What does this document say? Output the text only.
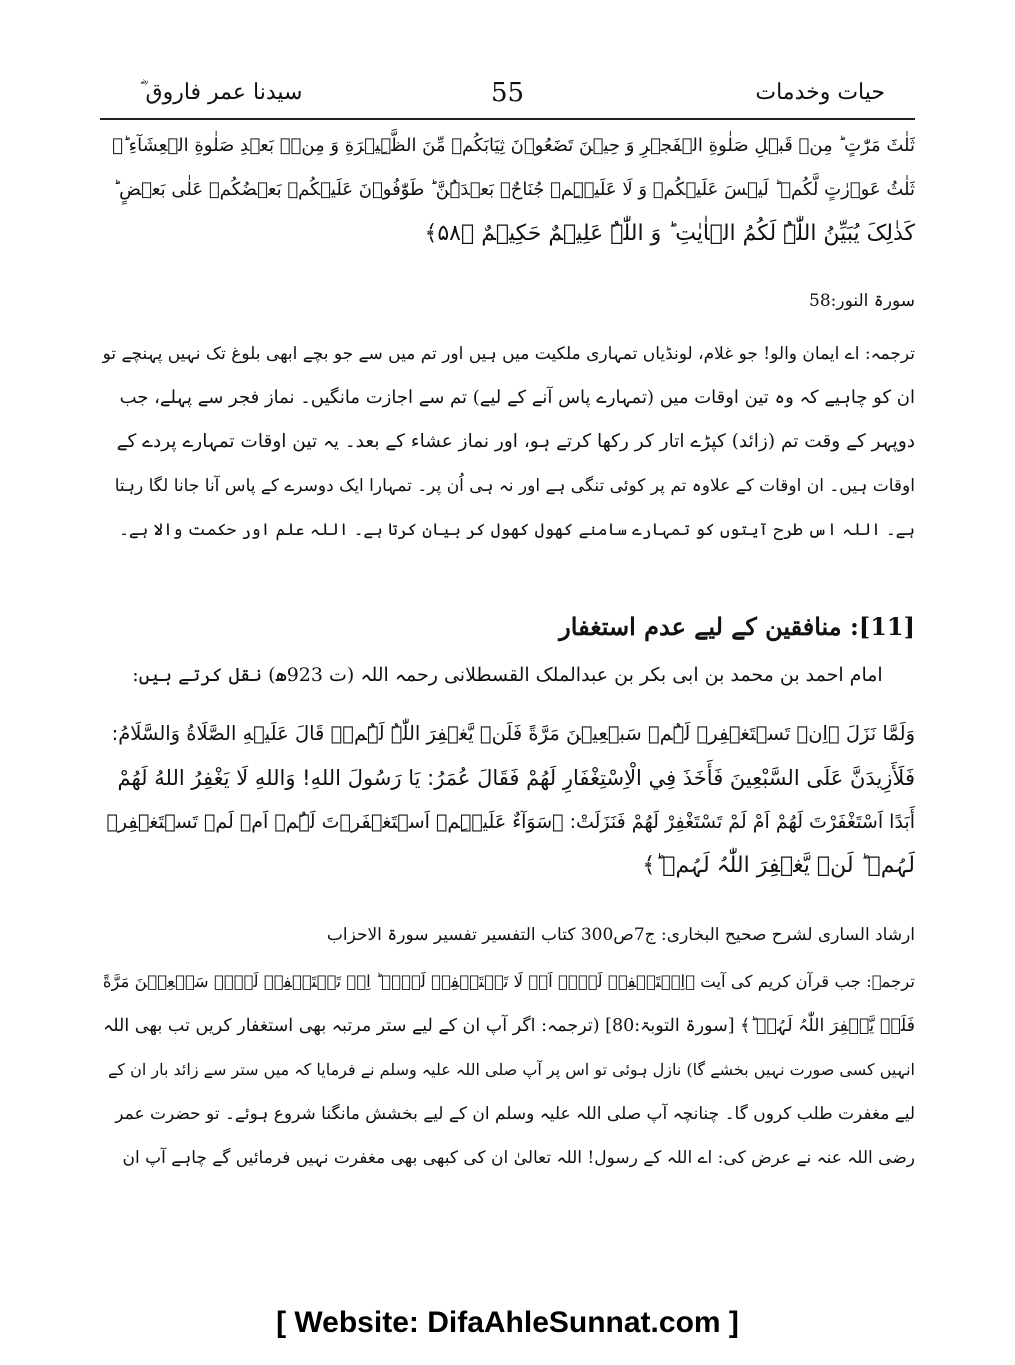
حیات وخدمات
55
سیدنا عمر فاروق ؓ
ثَلٰثَ مَرّٰتٍ ؕ مِنۡ قَبۡلِ صَلٰوةِ الۡفَجۡرِ وَ حِیۡنَ تَضَعُوۡنَ ثِیَابَکُمۡ مِّنَ الظَّہِیۡرَةِ وَ مِنۡۢ بَعۡدِ صَلٰوةِ الۡعِشَآءِ ؕ۟
ثَلٰثُ عَوۡرٰتٍ لَّکُمۡ ؕ لَیۡسَ عَلَیۡکُمۡ وَ لَا عَلَیۡہِمۡ جُنَاحٌۢ بَعۡدَہُنَّ ؕ طَوّٰفُوۡنَ عَلَیۡکُمۡ بَعۡضُکُمۡ عَلٰی بَعۡضٍ ؕ
کَذٰلِکَ یُبَیِّنُ اللّٰہُ لَکُمُ الۡاٰیٰتِ ؕ وَ اللّٰہُ عَلِیۡمٌ حَکِیۡمٌ ﴿۵۸﴾
سورۃ النور:58
ترجمہ: اے ایمان والو! جو غلام، لونڈیاں تمہاری ملکیت میں ہیں اور تم میں سے جو بچے ابھی بلوغ تک نہیں پہنچے تو
ان کو چاہیے کہ وہ تین اوقات میں (تمہارے پاس آنے کے لیے) تم سے اجازت مانگیں۔ نماز فجر سے پہلے، جب
دوپہر کے وقت تم (زائد) کپڑے اتار کر رکھا کرتے ہو، اور نماز عشاء کے بعد۔ یہ تین اوقات تمہارے پردے کے
اوقات ہیں۔ ان اوقات کے علاوہ تم پر کوئی تنگی ہے اور نہ ہی اُن پر۔ تمہارا ایک دوسرے کے پاس آنا جانا لگا رہتا
ہے۔ اللہ اس طرح آیتوں کو تمہارے سامنے کھول کھول کر بیان کرتا ہے۔ اللہ علم اور حکمت والا ہے۔
[11]: منافقین کے لیے عدم استغفار
امام احمد بن محمد بن ابی بکر بن عبدالملک القسطلانی رحمہ اللہ (ت 923ھ) نقل کرتے ہیں:
وَلَمَّا نَزَلَ ﴿اِنۡ تَسۡتَغۡفِرۡ لَہُمۡ سَبۡعِیۡنَ مَرَّةً فَلَنۡ یَّغۡفِرَ اللّٰہُ لَہُمۡ﴾ قَالَ عَلَیۡهِ الصَّلَاةُ وَالسَّلَامُ:
فَلَأَزِيدَنَّ عَلَى السَّبْعِينَ فَأَخَذَ فِي الْاِسْتِغْفَارِ لَهُمْ فَقَالَ عُمَرُ: يَا رَسُولَ اللهِ! وَاللهِ لَا يَغْفِرُ اللهُ لَهُمْ
أَبَدًا اَسْتَغْفَرْتَ لَهُمْ اَمْ لَمْ تَسْتَغْفِرْ لَهُمْ فَنَزَلَتْ: ﴿سَوَآءٌ عَلَیۡہِمۡ اَسۡتَغۡفَرۡتَ لَہُمۡ اَمۡ لَمۡ تَسۡتَغۡفِرۡ
لَہُمۡ ؕ لَنۡ یَّغۡفِرَ اللّٰہُ لَہُمۡ ؕ﴾
ارشاد الساری لشرح صحیح البخاری: ج7ص300 کتاب التفسیر تفسیر سورۃ الاحزاب
ترجمہ: جب قرآن کریم کی آیت ﴿اِسۡتَغۡفِرۡ لَہُمۡ اَوۡ لَا تَسۡتَغۡفِرۡ لَہُمۡ ؕ اِنۡ تَسۡتَغۡفِرۡ لَہُمۡ سَبۡعِیۡنَ مَرَّةً
فَلَنۡ یَّغۡفِرَ اللّٰہُ لَہُمۡ ؕ﴾ [سورۃ التوبۃ:80] (ترجمہ: اگر آپ ان کے لیے ستر مرتبہ بھی استغفار کریں تب بھی اللہ
انہیں کسی صورت نہیں بخشے گا) نازل ہوئی تو اس پر آپ صلی اللہ علیہ وسلم نے فرمایا کہ میں ستر سے زائد بار ان کے
لیے مغفرت طلب کروں گا۔ چنانچہ آپ صلی اللہ علیہ وسلم ان کے لیے بخشش مانگنا شروع ہوئے۔ تو حضرت عمر
رضی اللہ عنہ نے عرض کی: اے اللہ کے رسول! اللہ تعالیٰ ان کی کبھی بھی مغفرت نہیں فرمائیں گے چاہے آپ ان
[ Website: DifaAhleSunnat.com ]
